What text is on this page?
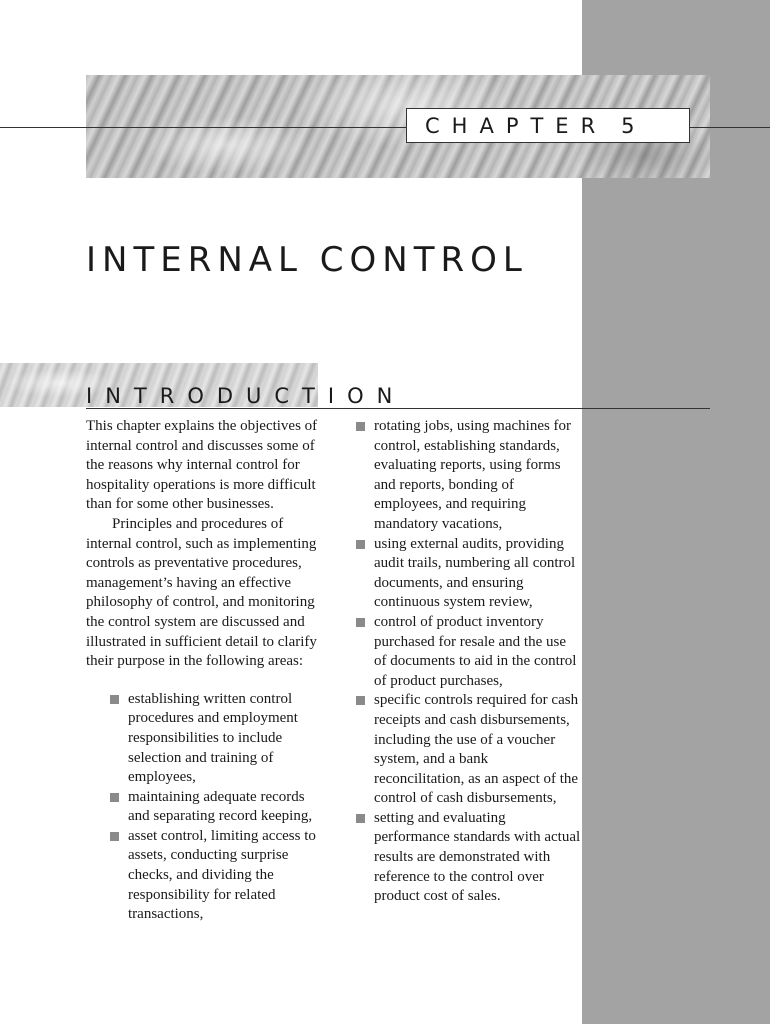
CHAPTER 5
INTERNAL CONTROL
INTRODUCTION

This chapter explains the objectives of internal control and discusses some of the reasons why internal control for hospitality operations is more difficult than for some other businesses.

Principles and procedures of internal control, such as implementing controls as preventative procedures, management’s having an effective philosophy of control, and monitoring the control system are discussed and illustrated in sufficient detail to clarify their purpose in the following areas:

establishing written control procedures and employment responsibilities to include selection and training of employees,
maintaining adequate records and separating record keeping,
asset control, limiting access to assets, conducting surprise checks, and dividing the responsibility for related transactions,
rotating jobs, using machines for control, establishing standards, evaluating reports, using forms and reports, bonding of employees, and requiring mandatory vacations,
using external audits, providing audit trails, numbering all control documents, and ensuring continuous system review,
control of product inventory purchased for resale and the use of documents to aid in the control of product purchases,
specific controls required for cash receipts and cash disbursements, including the use of a voucher system, and a bank reconcilitation, as an aspect of the control of cash disbursements,
setting and evaluating performance standards with actual results are demonstrated with reference to the control over product cost of sales.
